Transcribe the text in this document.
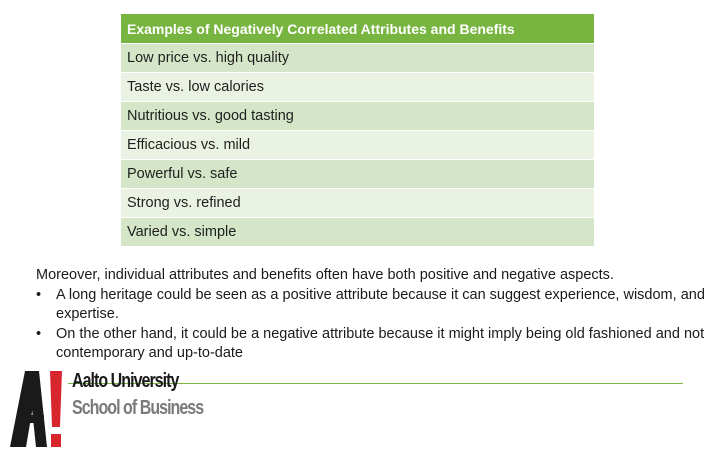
Examples of Negatively Correlated Attributes and Benefits
Low price vs. high quality
Taste vs. low calories
Nutritious vs. good tasting
Efficacious vs. mild
Powerful vs. safe
Strong vs. refined
Varied vs. simple

Moreover, individual attributes and benefits often have both positive and negative aspects.

•	A long heritage could be seen as a positive attribute because it can suggest experience, wisdom, and expertise.
•	On the other hand, it could be a negative attribute because it might imply being old fashioned and not contemporary and up-to-date
Aalto University
School of Business
